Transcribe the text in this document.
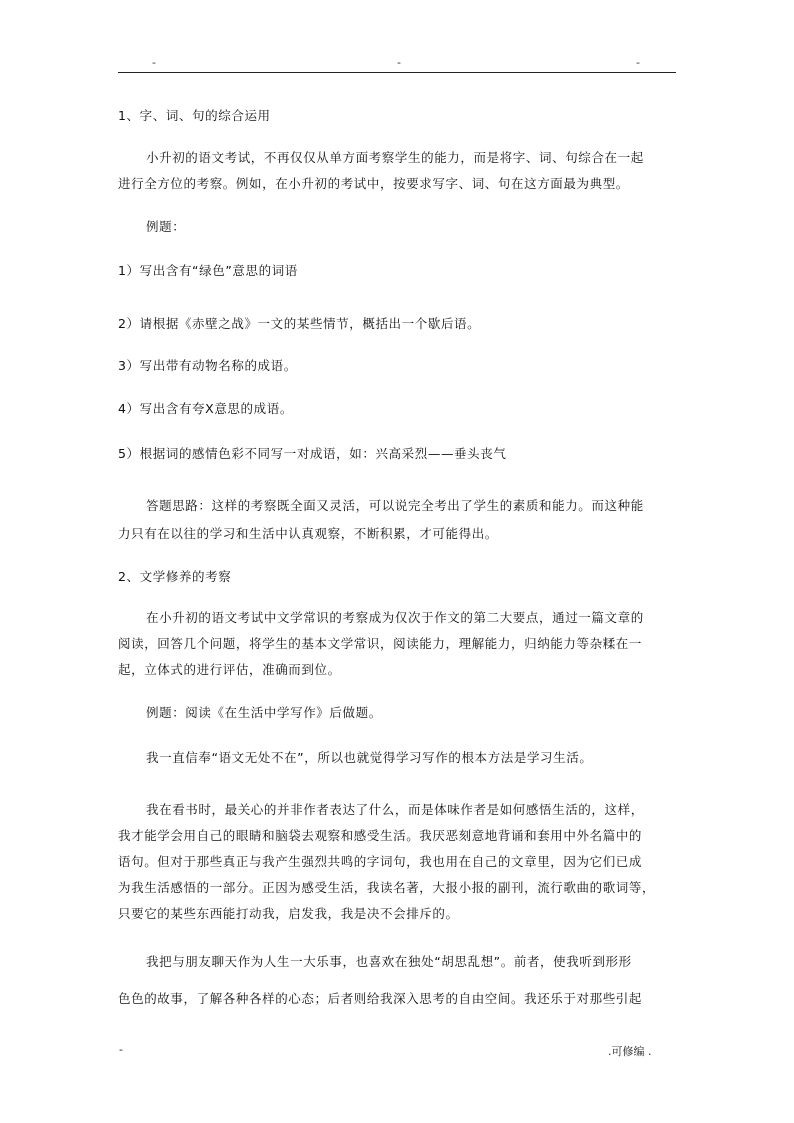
-	-	-
1、字、词、句的综合运用
小升初的语文考试，不再仅仅从单方面考察学生的能力，而是将字、词、句综合在一起
进行全方位的考察。例如，在小升初的考试中，按要求写字、词、句在这方面最为典型。
例题：
1）写出含有“绿色”意思的词语
2）请根据《赤壁之战》一文的某些情节，概括出一个歇后语。
3）写出带有动物名称的成语。
4）写出含有夸X意思的成语。
5）根据词的感情色彩不同写一对成语，如：兴高采烈——垂头丧气
答题思路：这样的考察既全面又灵活，可以说完全考出了学生的素质和能力。而这种能
力只有在以往的学习和生活中认真观察，不断积累，才可能得出。
2、文学修养的考察
在小升初的语文考试中文学常识的考察成为仅次于作文的第二大要点，通过一篇文章的
阅读，回答几个问题，将学生的基本文学常识，阅读能力，理解能力，归纳能力等杂糅在一
起，立体式的进行评估，准确而到位。
例题：阅读《在生活中学写作》后做题。
我一直信奉“语文无处不在”，所以也就觉得学习写作的根本方法是学习生活。
我在看书时，最关心的并非作者表达了什么，而是体味作者是如何感悟生活的，这样，
我才能学会用自己的眼睛和脑袋去观察和感受生活。我厌恶刻意地背诵和套用中外名篇中的
语句。但对于那些真正与我产生强烈共鸣的字词句，我也用在自己的文章里，因为它们已成
为我生活感悟的一部分。正因为感受生活，我读名著，大报小报的副刊，流行歌曲的歌词等，
只要它的某些东西能打动我，启发我，我是决不会排斥的。
我把与朋友聊天作为人生一大乐事，也喜欢在独处“胡思乱想”。前者，使我听到形形
色色的故事，了解各种各样的心态；后者则给我深入思考的自由空间。我还乐于对那些引起
-	.可修编 .
